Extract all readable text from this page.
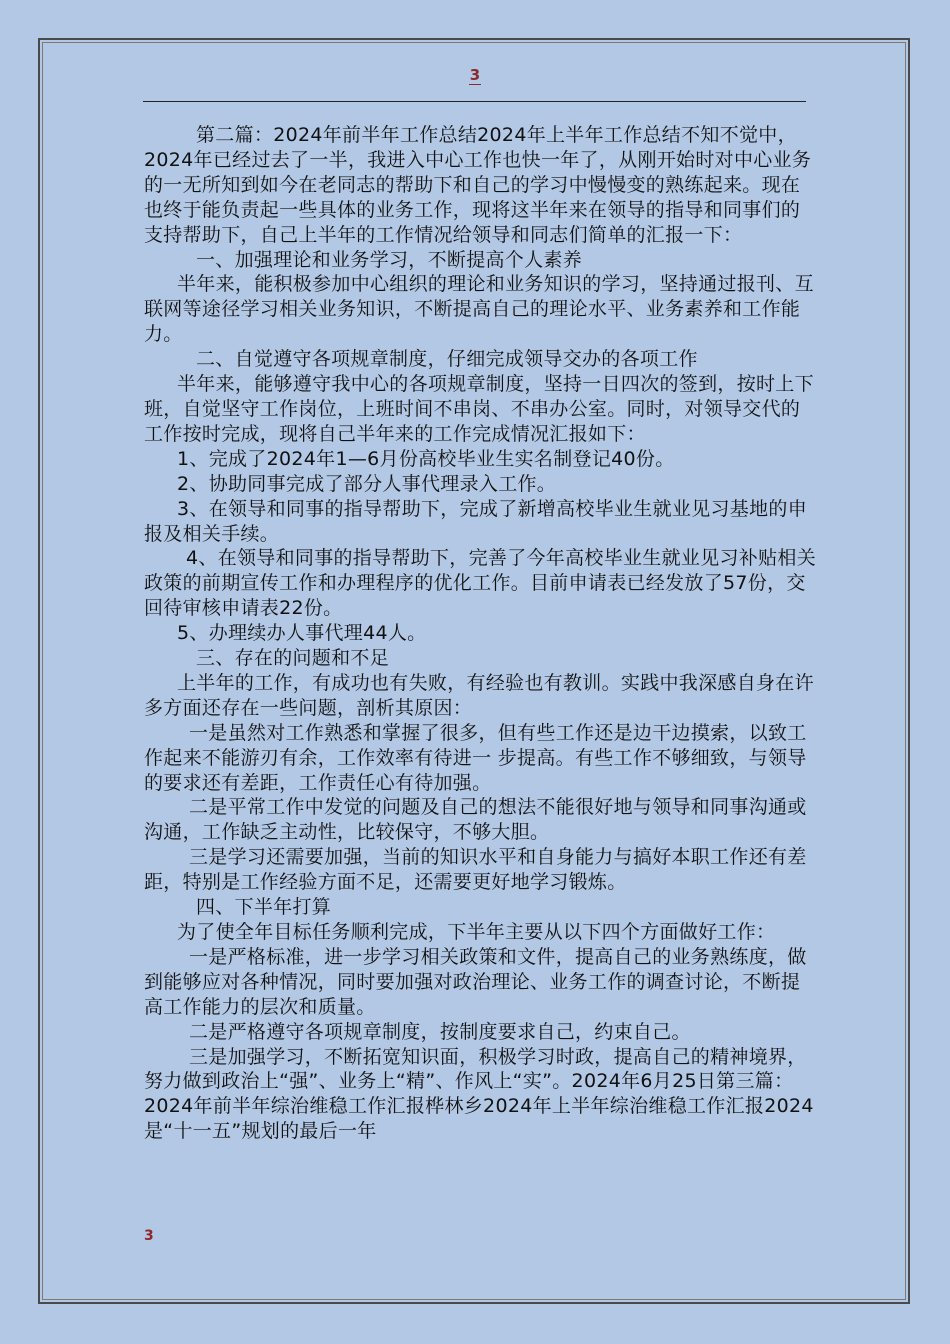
3

第二篇：2024年前半年工作总结2024年上半年工作总结不知不觉中，2024年已经过去了一半，我进入中心工作也快一年了，从刚开始时对中心业务的一无所知到如今在老同志的帮助下和自己的学习中慢慢变的熟练起来。现在也终于能负责起一些具体的业务工作，现将这半年来在领导的指导和同事们的支持帮助下，自己上半年的工作情况给领导和同志们简单的汇报一下：

一、加强理论和业务学习，不断提高个人素养

半年来，能积极参加中心组织的理论和业务知识的学习，坚持通过报刊、互联网等途径学习相关业务知识，不断提高自己的理论水平、业务素养和工作能力。

二、自觉遵守各项规章制度，仔细完成领导交办的各项工作

半年来，能够遵守我中心的各项规章制度，坚持一日四次的签到，按时上下班，自觉坚守工作岗位，上班时间不串岗、不串办公室。同时，对领导交代的工作按时完成，现将自己半年来的工作完成情况汇报如下：

1、完成了2024年1—6月份高校毕业生实名制登记40份。

2、协助同事完成了部分人事代理录入工作。

3、在领导和同事的指导帮助下，完成了新增高校毕业生就业见习基地的申报及相关手续。

4、在领导和同事的指导帮助下，完善了今年高校毕业生就业见习补贴相关政策的前期宣传工作和办理程序的优化工作。目前申请表已经发放了57份，交回待审核申请表22份。

5、办理续办人事代理44人。

三、存在的问题和不足

上半年的工作，有成功也有失败，有经验也有教训。实践中我深感自身在许多方面还存在一些问题，剖析其原因：

一是虽然对工作熟悉和掌握了很多，但有些工作还是边干边摸索，以致工作起来不能游刃有余，工作效率有待进一 步提高。有些工作不够细致，与领导的要求还有差距，工作责任心有待加强。

二是平常工作中发觉的问题及自己的想法不能很好地与领导和同事沟通或沟通，工作缺乏主动性，比较保守，不够大胆。

三是学习还需要加强，当前的知识水平和自身能力与搞好本职工作还有差距，特别是工作经验方面不足，还需要更好地学习锻炼。

四、下半年打算

为了使全年目标任务顺利完成，下半年主要从以下四个方面做好工作：

一是严格标准，进一步学习相关政策和文件，提高自己的业务熟练度，做到能够应对各种情况，同时要加强对政治理论、业务工作的调查讨论，不断提高工作能力的层次和质量。

二是严格遵守各项规章制度，按制度要求自己，约束自己。

三是加强学习，不断拓宽知识面，积极学习时政，提高自己的精神境界，努力做到政治上“强”、业务上“精”、作风上“实”。2024年6月25日第三篇：2024年前半年综治维稳工作汇报桦林乡2024年上半年综治维稳工作汇报2024是“十一五”规划的最后一年

3
